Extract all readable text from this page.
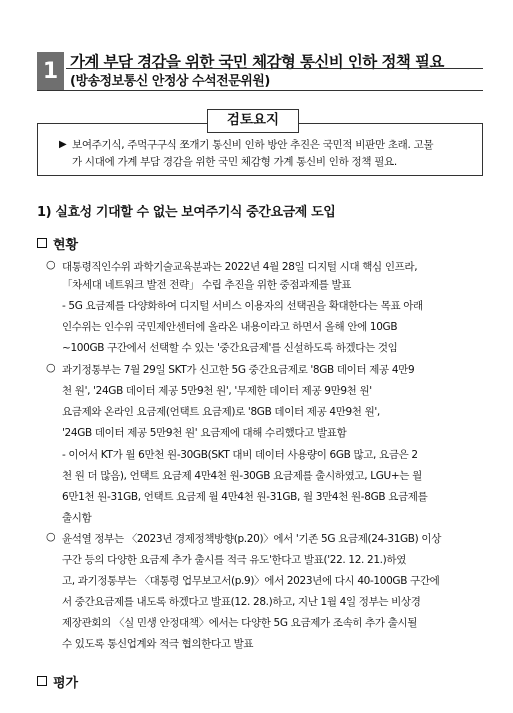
1 가계 부담 경감을 위한 국민 체감형 통신비 인하 정책 필요
(방송정보통신 안정상 수석전문위원)
검토요지
▶ 보여주기식, 주먹구구식 쪼개기 통신비 인하 방안 추진은 국민적 비판만 초래. 고물
가 시대에 가계 부담 경감을 위한 국민 체감형 가계 통신비 인하 정책 필요.
1) 실효성 기대할 수 없는 보여주기식 중간요금제 도입
현황
○ 대통령직인수위 과학기술교육분과는 2022년 4월 28일 디지털 시대 핵심 인프라,
「차세대 네트워크 발전 전략」 수립 추진을 위한 중점과제를 발표
- 5G 요금제를 다양화하여 디지털 서비스 이용자의 선택권을 확대한다는 목표 아래
인수위는 인수위 국민제안센터에 올라온 내용이라고 하면서 올해 안에 10GB
~100GB 구간에서 선택할 수 있는 '중간요금제'를 신설하도록 하겠다는 것임
○ 과기정통부는 7월 29일 SKT가 신고한 5G 중간요금제로 '8GB 데이터 제공 4만9
천 원', '24GB 데이터 제공 5만9천 원', '무제한 데이터 제공 9만9천 원'
요금제와 온라인 요금제(언택트 요금제)로 '8GB 데이터 제공 4만9천 원',
'24GB 데이터 제공 5만9천 원' 요금제에 대해 수리했다고 발표함
- 이어서 KT가 월 6만천 원-30GB(SKT 대비 데이터 사용량이 6GB 많고, 요금은 2
천 원 더 많음), 언택트 요금제 4만4천 원-30GB 요금제를 출시하였고, LGU+는 월
6만1천 원-31GB, 언택트 요금제 월 4만4천 원-31GB, 월 3만4천 원-8GB 요금제를
출시함
○ 윤석열 정부는 〈2023년 경제정책방향(p.20)〉에서 '기존 5G 요금제(24-31GB) 이상
구간 등의 다양한 요금제 추가 출시를 적극 유도'한다고 발표('22. 12. 21.)하였
고, 과기정통부는 〈대통령 업무보고서(p.9)〉에서 2023년에 다시 40-100GB 구간에
서 중간요금제를 내도록 하겠다고 발표(12. 28.)하고, 지난 1월 4일 정부는 비상경
제장관회의 〈실 민생 안정대책〉에서는 다양한 5G 요금제가 조속히 추가 출시될
수 있도록 통신업계와 적극 협의한다고 발표
평가
